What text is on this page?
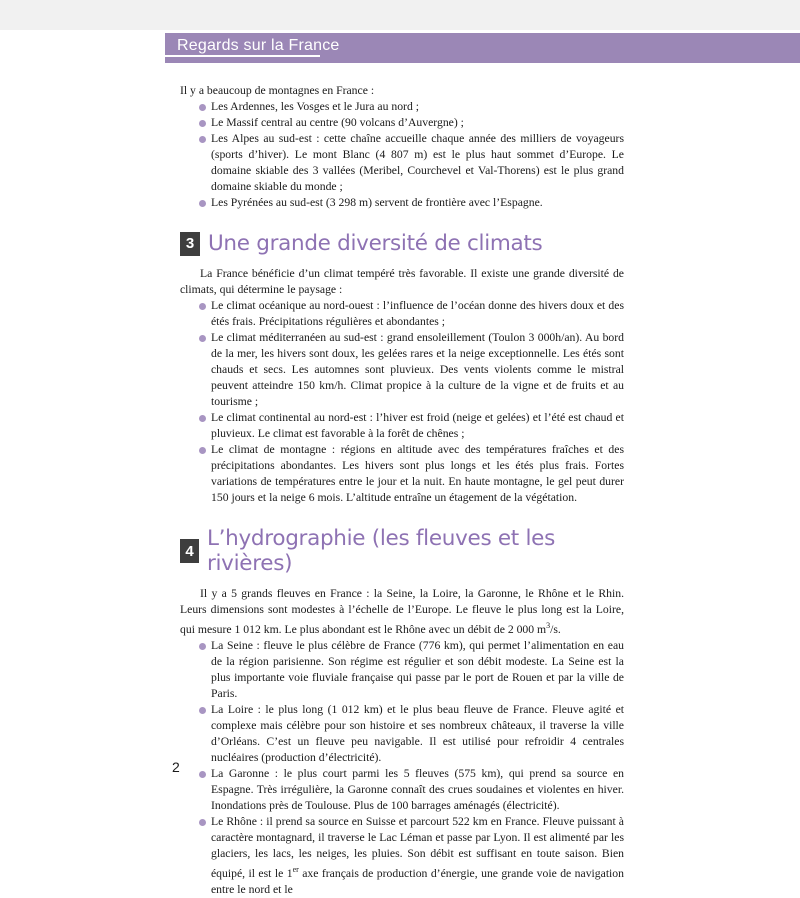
Regards sur la France

Il y a beaucoup de montagnes en France :

Les Ardennes, les Vosges et le Jura au nord ;
Le Massif central au centre (90 volcans d’Auvergne) ;
Les Alpes au sud-est : cette chaîne accueille chaque année des milliers de voyageurs (sports d’hiver). Le mont Blanc (4 807 m) est le plus haut sommet d’Europe. Le domaine skiable des 3 vallées (Meribel, Courchevel et Val-Thorens) est le plus grand domaine skiable du monde ;
Les Pyrénées au sud-est (3 298 m) servent de frontière avec l’Espagne.
3 Une grande diversité de climats

La France bénéficie d’un climat tempéré très favorable. Il existe une grande diversité de climats, qui détermine le paysage :

Le climat océanique au nord-ouest : l’influence de l’océan donne des hivers doux et des étés frais. Précipitations régulières et abondantes ;
Le climat méditerranéen au sud-est : grand ensoleillement (Toulon 3 000h/an). Au bord de la mer, les hivers sont doux, les gelées rares et la neige exceptionnelle. Les étés sont chauds et secs. Les automnes sont pluvieux. Des vents violents comme le mistral peuvent atteindre 150 km/h. Climat propice à la culture de la vigne et de fruits et au tourisme ;
Le climat continental au nord-est : l’hiver est froid (neige et gelées) et l’été est chaud et pluvieux. Le climat est favorable à la forêt de chênes ;
Le climat de montagne : régions en altitude avec des températures fraîches et des précipitations abondantes. Les hivers sont plus longs et les étés plus frais. Fortes variations de températures entre le jour et la nuit. En haute montagne, le gel peut durer 150 jours et la neige 6 mois. L’altitude entraîne un étagement de la végétation.
4 L’hydrographie (les fleuves et les rivières)

Il y a 5 grands fleuves en France : la Seine, la Loire, la Garonne, le Rhône et le Rhin. Leurs dimensions sont modestes à l’échelle de l’Europe. Le fleuve le plus long est la Loire, qui mesure 1 012 km. Le plus abondant est le Rhône avec un débit de 2 000 $m^3/s$.

La Seine : fleuve le plus célèbre de France (776 km), qui permet l’alimentation en eau de la région parisienne. Son régime est régulier et son débit modeste. La Seine est la plus importante voie fluviale française qui passe par le port de Rouen et par la ville de Paris.
La Loire : le plus long (1 012 km) et le plus beau fleuve de France. Fleuve agité et complexe mais célèbre pour son histoire et ses nombreux châteaux, il traverse la ville d’Orléans. C’est un fleuve peu navigable. Il est utilisé pour refroidir 4 centrales nucléaires (production d’électricité).
La Garonne : le plus court parmi les 5 fleuves (575 km), qui prend sa source en Espagne. Très irrégulière, la Garonne connaît des crues soudaines et violentes en hiver. Inondations près de Toulouse. Plus de 100 barrages aménagés (électricité).
Le Rhône : il prend sa source en Suisse et parcourt 522 km en France. Fleuve puissant à caractère montagnard, il traverse le Lac Léman et passe par Lyon. Il est alimenté par les glaciers, les lacs, les neiges, les pluies. Son débit est suffisant en toute saison. Bien équipé, il est le 1er axe français de production d’énergie, une grande voie de navigation entre le nord et le
2
